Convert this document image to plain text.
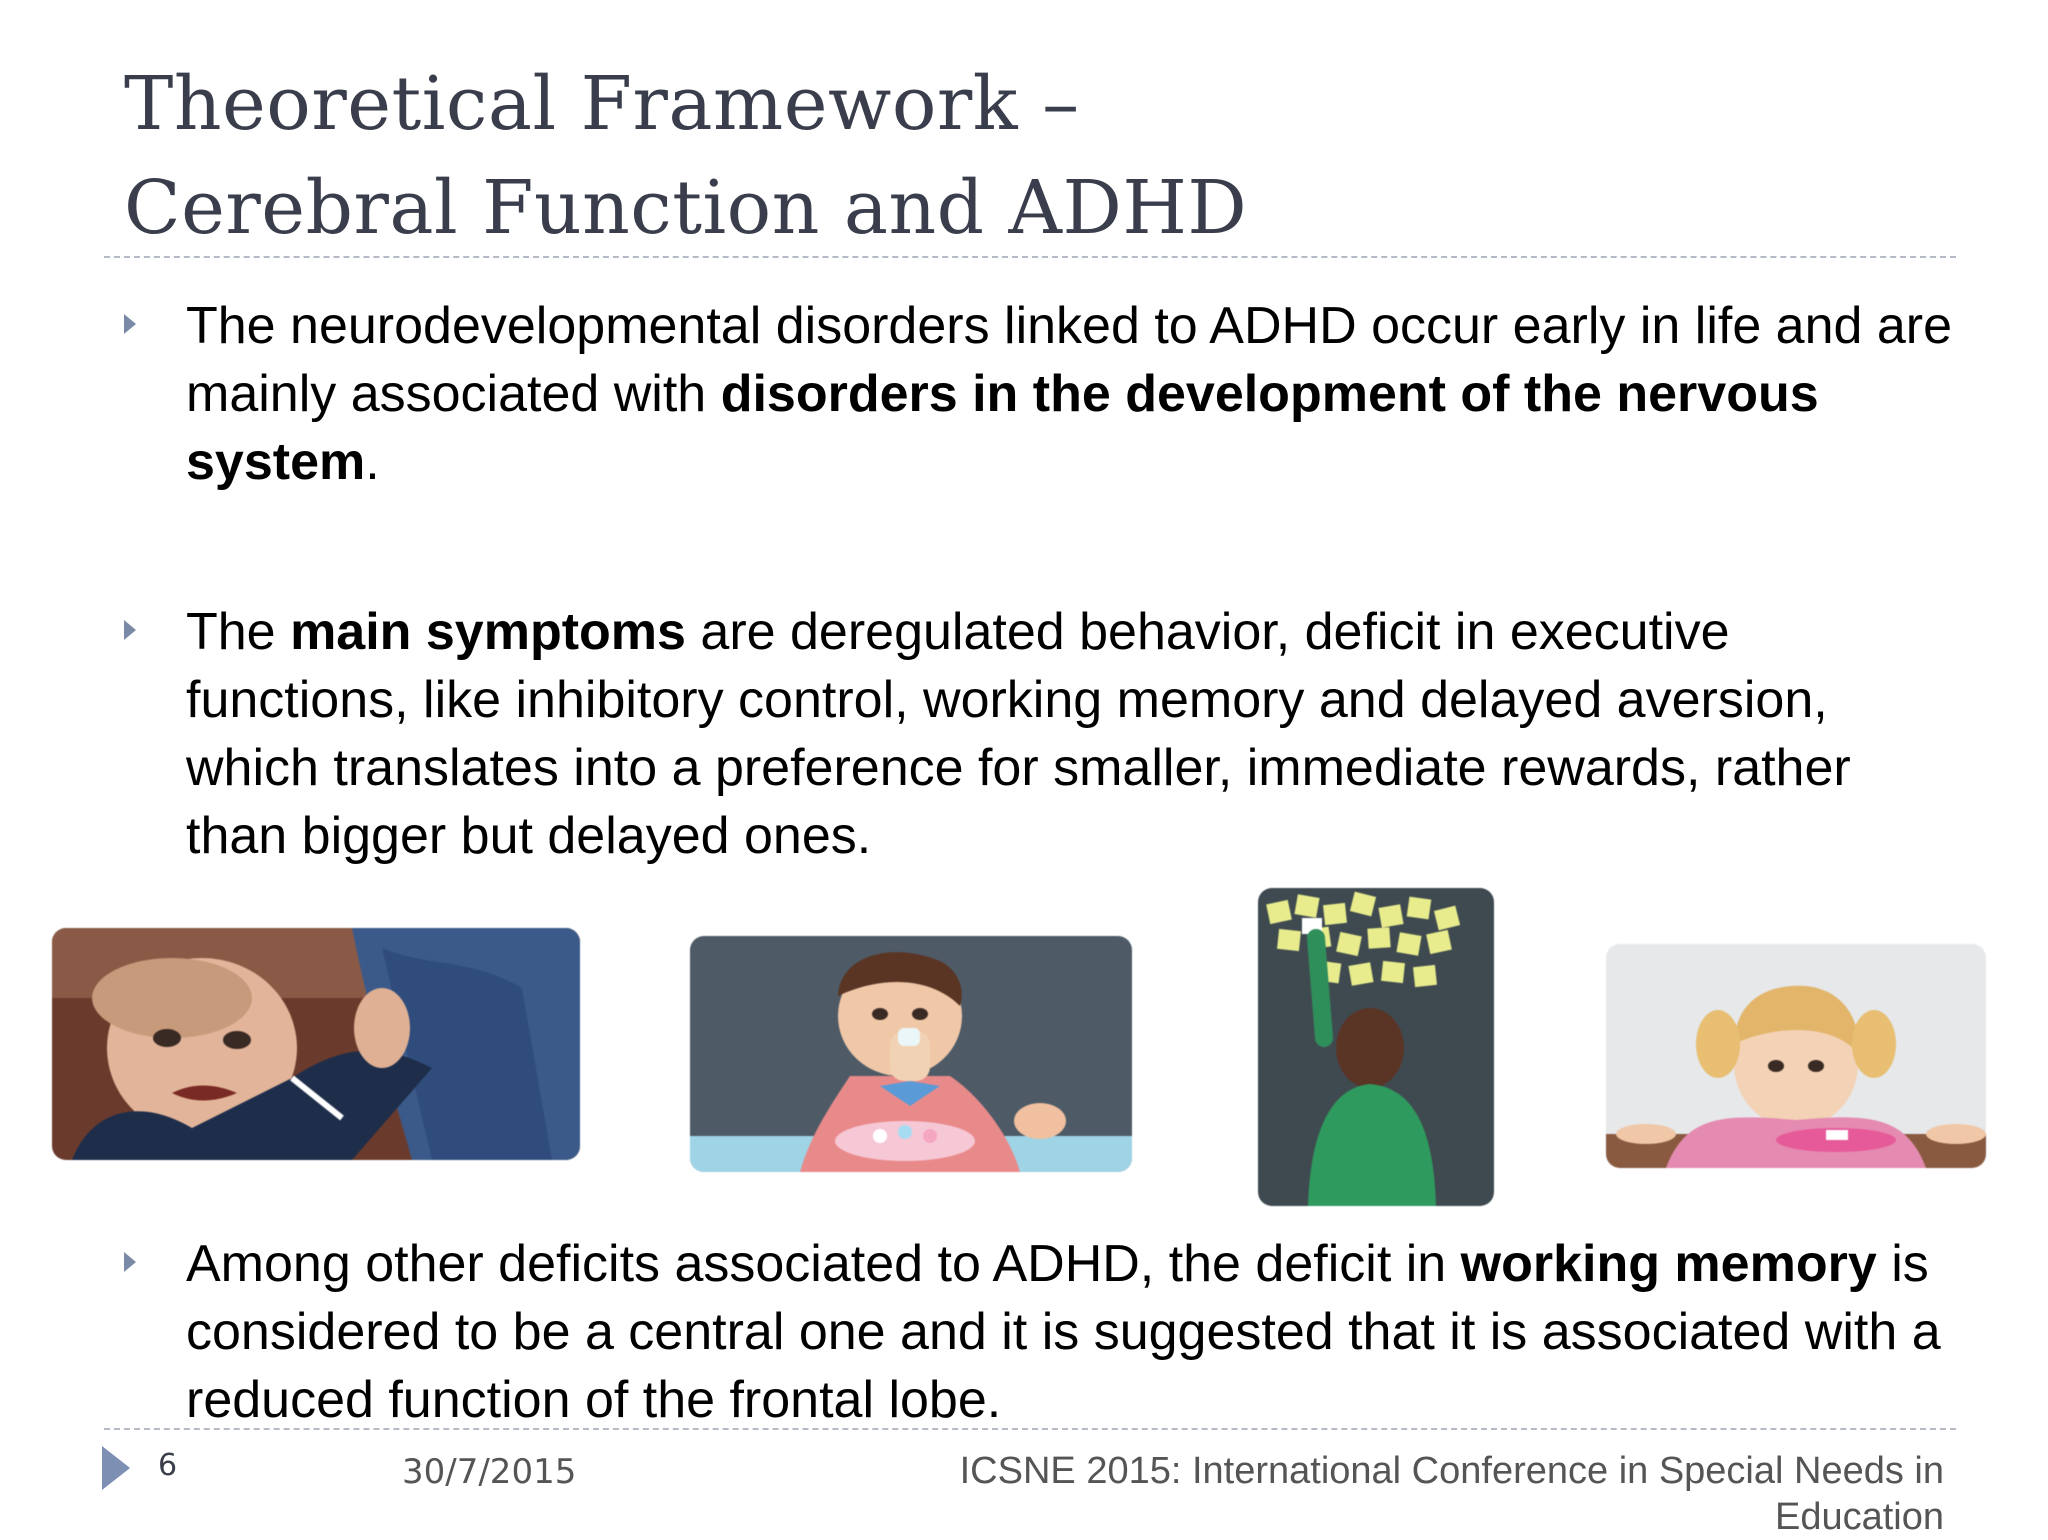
Theoretical Framework –
Cerebral Function and ADHD

The neurodevelopmental disorders linked to ADHD occur early in life and are mainly associated with disorders in the development of the nervous system.

The main symptoms are deregulated behavior, deficit in executive functions, like inhibitory control, working memory and delayed aversion, which translates into a preference for smaller, immediate rewards, rather than bigger but delayed ones.

Among other deficits associated to ADHD, the deficit in working memory is considered to be a central one and it is suggested that it is associated with a reduced function of the frontal lobe.

6	30/7/2015	ICSNE 2015: International Conference in Special Needs in
Education
